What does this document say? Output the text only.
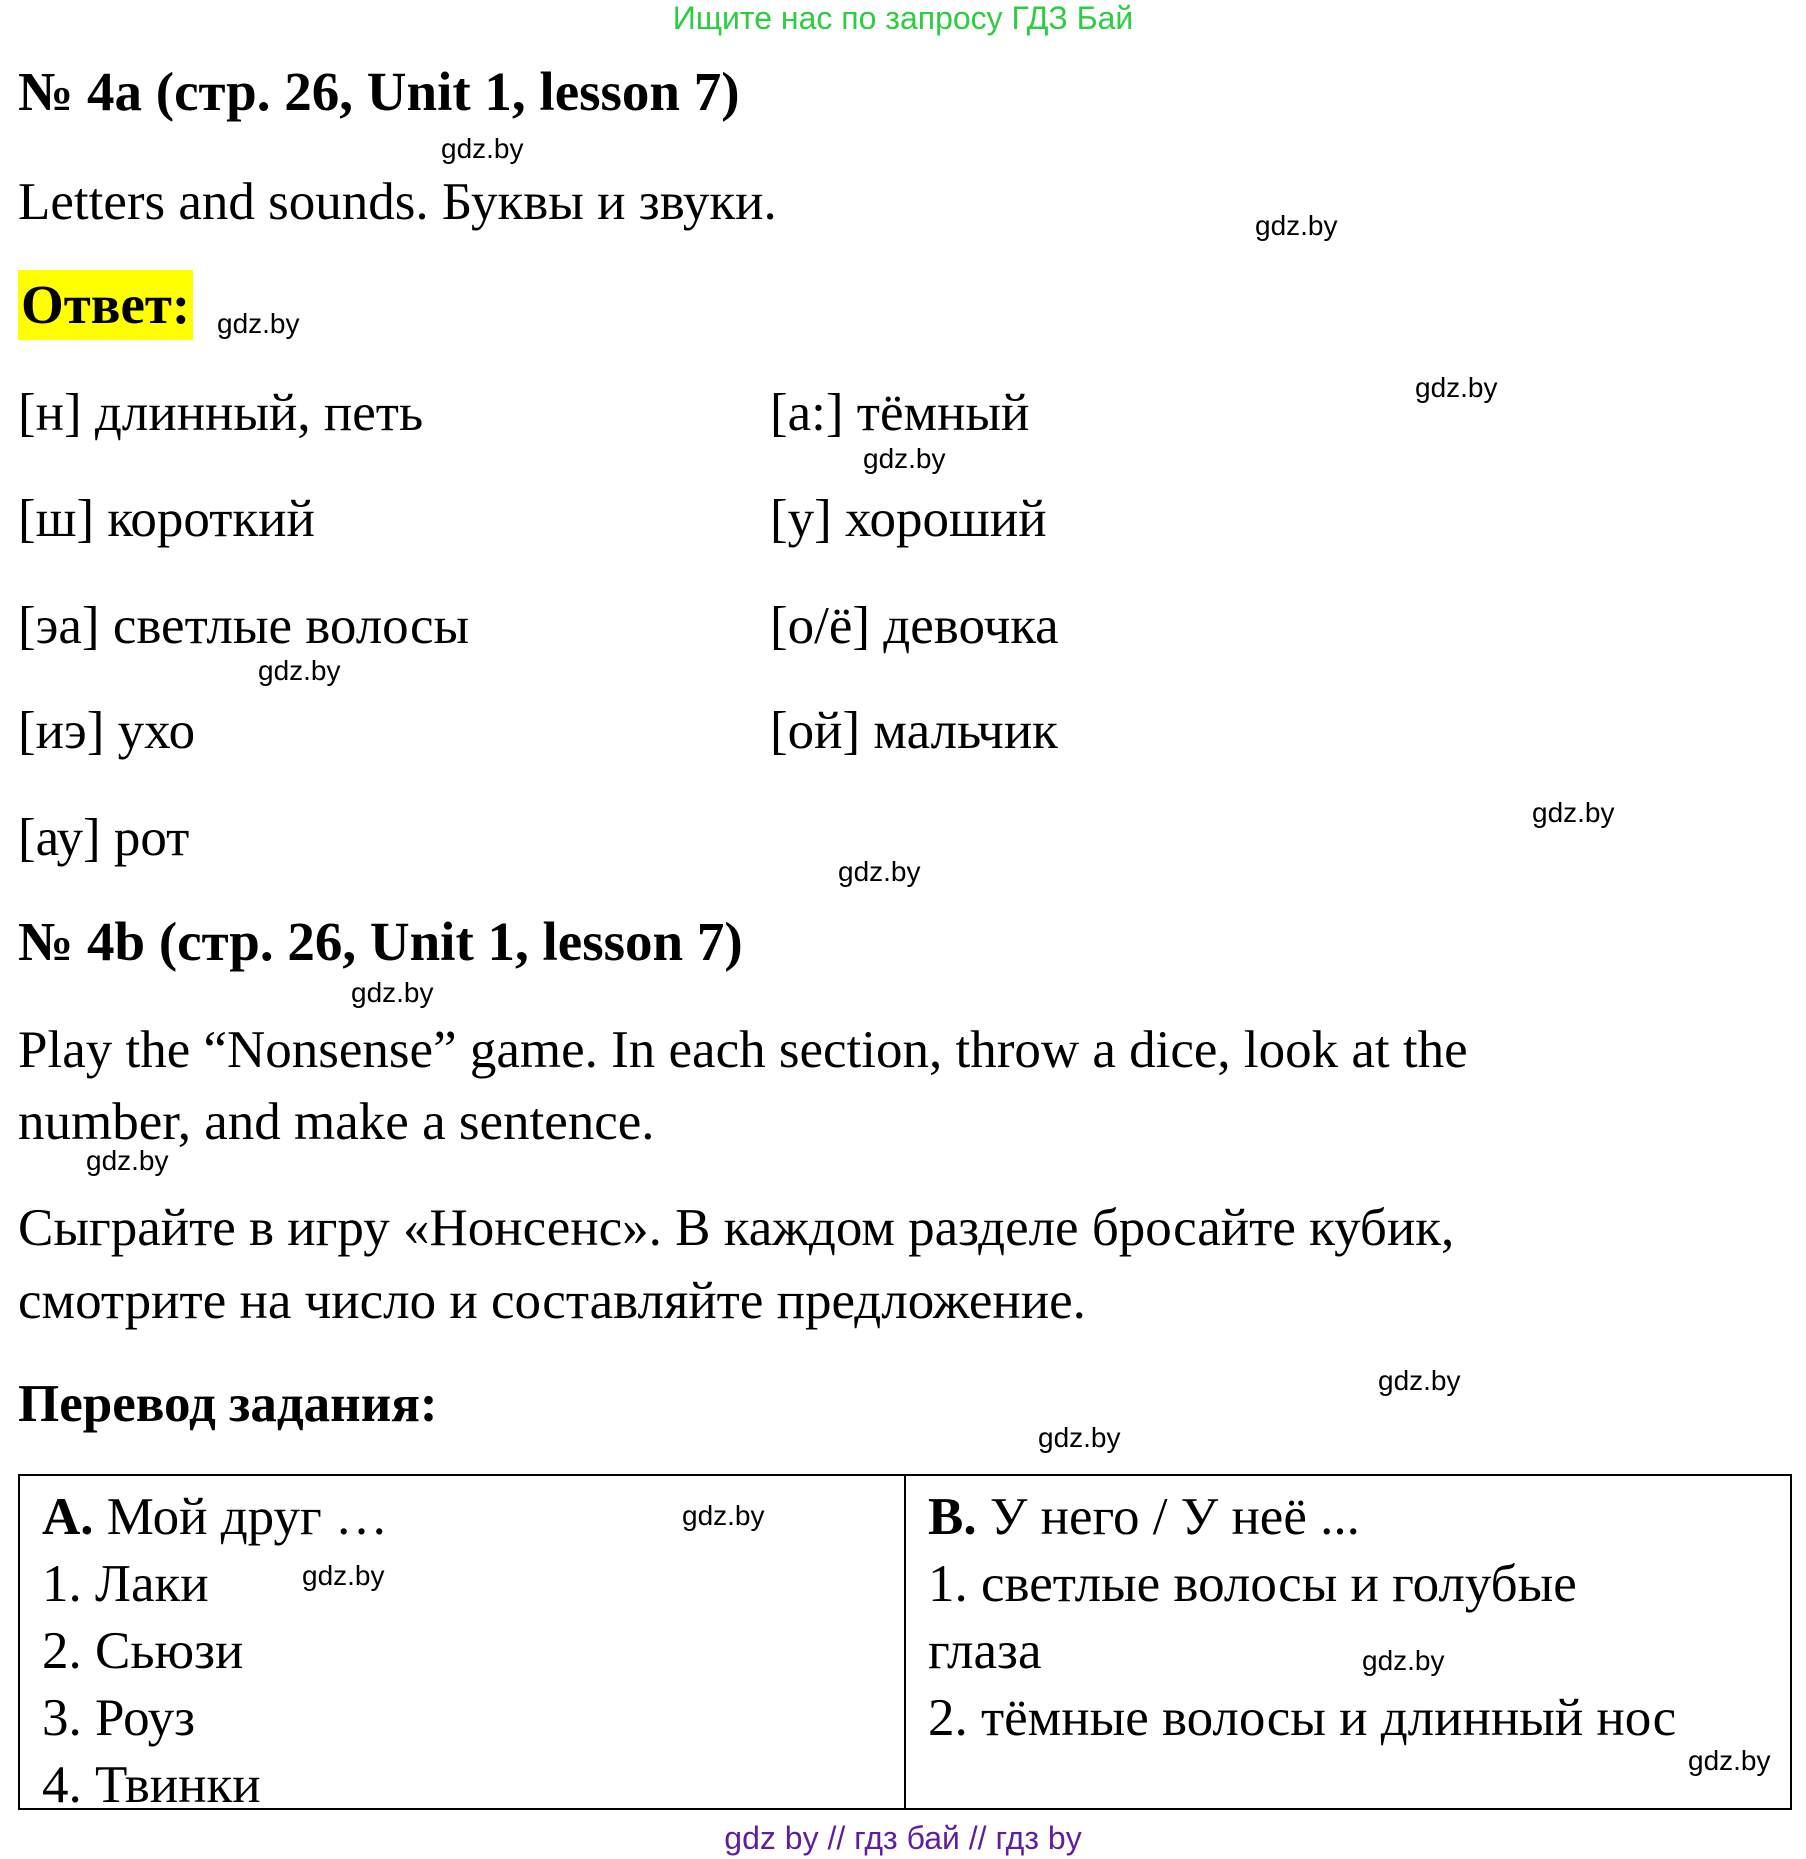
Ищите нас по запросу ГДЗ Бай
№ 4a (стр. 26, Unit 1, lesson 7)
Letters and sounds. Буквы и звуки.
Ответ:
[н] длинный, петь
[ш] короткий
[эа] светлые волосы
[иэ] ухо
[ау] рот
[а:] тёмный
[у] хороший
[о/ё] девочка
[ой] мальчик
№ 4b (стр. 26, Unit 1, lesson 7)
Play the “Nonsense” game. In each section, throw a dice, look at the
number, and make a sentence.
Сыграйте в игру «Нонсенс». В каждом разделе бросайте кубик,
смотрите на число и составляйте предложение.
Перевод задания:
A. Мой друг …
1. Лаки
2. Сьюзи
3. Роуз
4. Твинки
B. У него / У неё ...
1. светлые волосы и голубые
глаза
2. тёмные волосы и длинный нос
gdz.by
gdz.by
gdz.by
gdz.by
gdz.by
gdz.by
gdz.by
gdz.by
gdz.by
gdz.by
gdz.by
gdz.by
gdz.by
gdz.by
gdz.by
gdz.by
gdz by // гдз бай // гдз by
